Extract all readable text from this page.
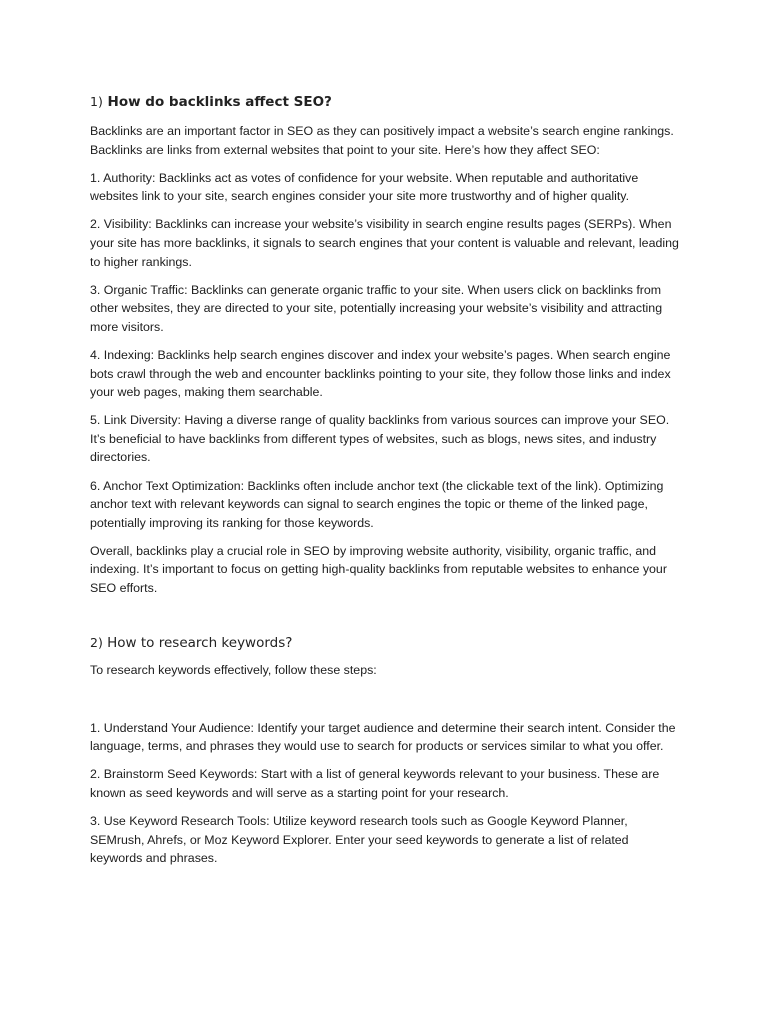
1) How do backlinks affect SEO?

Backlinks are an important factor in SEO as they can positively impact a website’s search engine rankings. Backlinks are links from external websites that point to your site. Here’s how they affect SEO:

1. Authority: Backlinks act as votes of confidence for your website. When reputable and authoritative websites link to your site, search engines consider your site more trustworthy and of higher quality.

2. Visibility: Backlinks can increase your website’s visibility in search engine results pages (SERPs). When your site has more backlinks, it signals to search engines that your content is valuable and relevant, leading to higher rankings.

3. Organic Traffic: Backlinks can generate organic traffic to your site. When users click on backlinks from other websites, they are directed to your site, potentially increasing your website’s visibility and attracting more visitors.

4. Indexing: Backlinks help search engines discover and index your website’s pages. When search engine bots crawl through the web and encounter backlinks pointing to your site, they follow those links and index your web pages, making them searchable.

5. Link Diversity: Having a diverse range of quality backlinks from various sources can improve your SEO. It’s beneficial to have backlinks from different types of websites, such as blogs, news sites, and industry directories.

6. Anchor Text Optimization: Backlinks often include anchor text (the clickable text of the link). Optimizing anchor text with relevant keywords can signal to search engines the topic or theme of the linked page, potentially improving its ranking for those keywords.

Overall, backlinks play a crucial role in SEO by improving website authority, visibility, organic traffic, and indexing. It’s important to focus on getting high-quality backlinks from reputable websites to enhance your SEO efforts.

2) How to research keywords?

To research keywords effectively, follow these steps:

1. Understand Your Audience: Identify your target audience and determine their search intent. Consider the language, terms, and phrases they would use to search for products or services similar to what you offer.

2. Brainstorm Seed Keywords: Start with a list of general keywords relevant to your business. These are known as seed keywords and will serve as a starting point for your research.

3. Use Keyword Research Tools: Utilize keyword research tools such as Google Keyword Planner, SEMrush, Ahrefs, or Moz Keyword Explorer. Enter your seed keywords to generate a list of related keywords and phrases.
